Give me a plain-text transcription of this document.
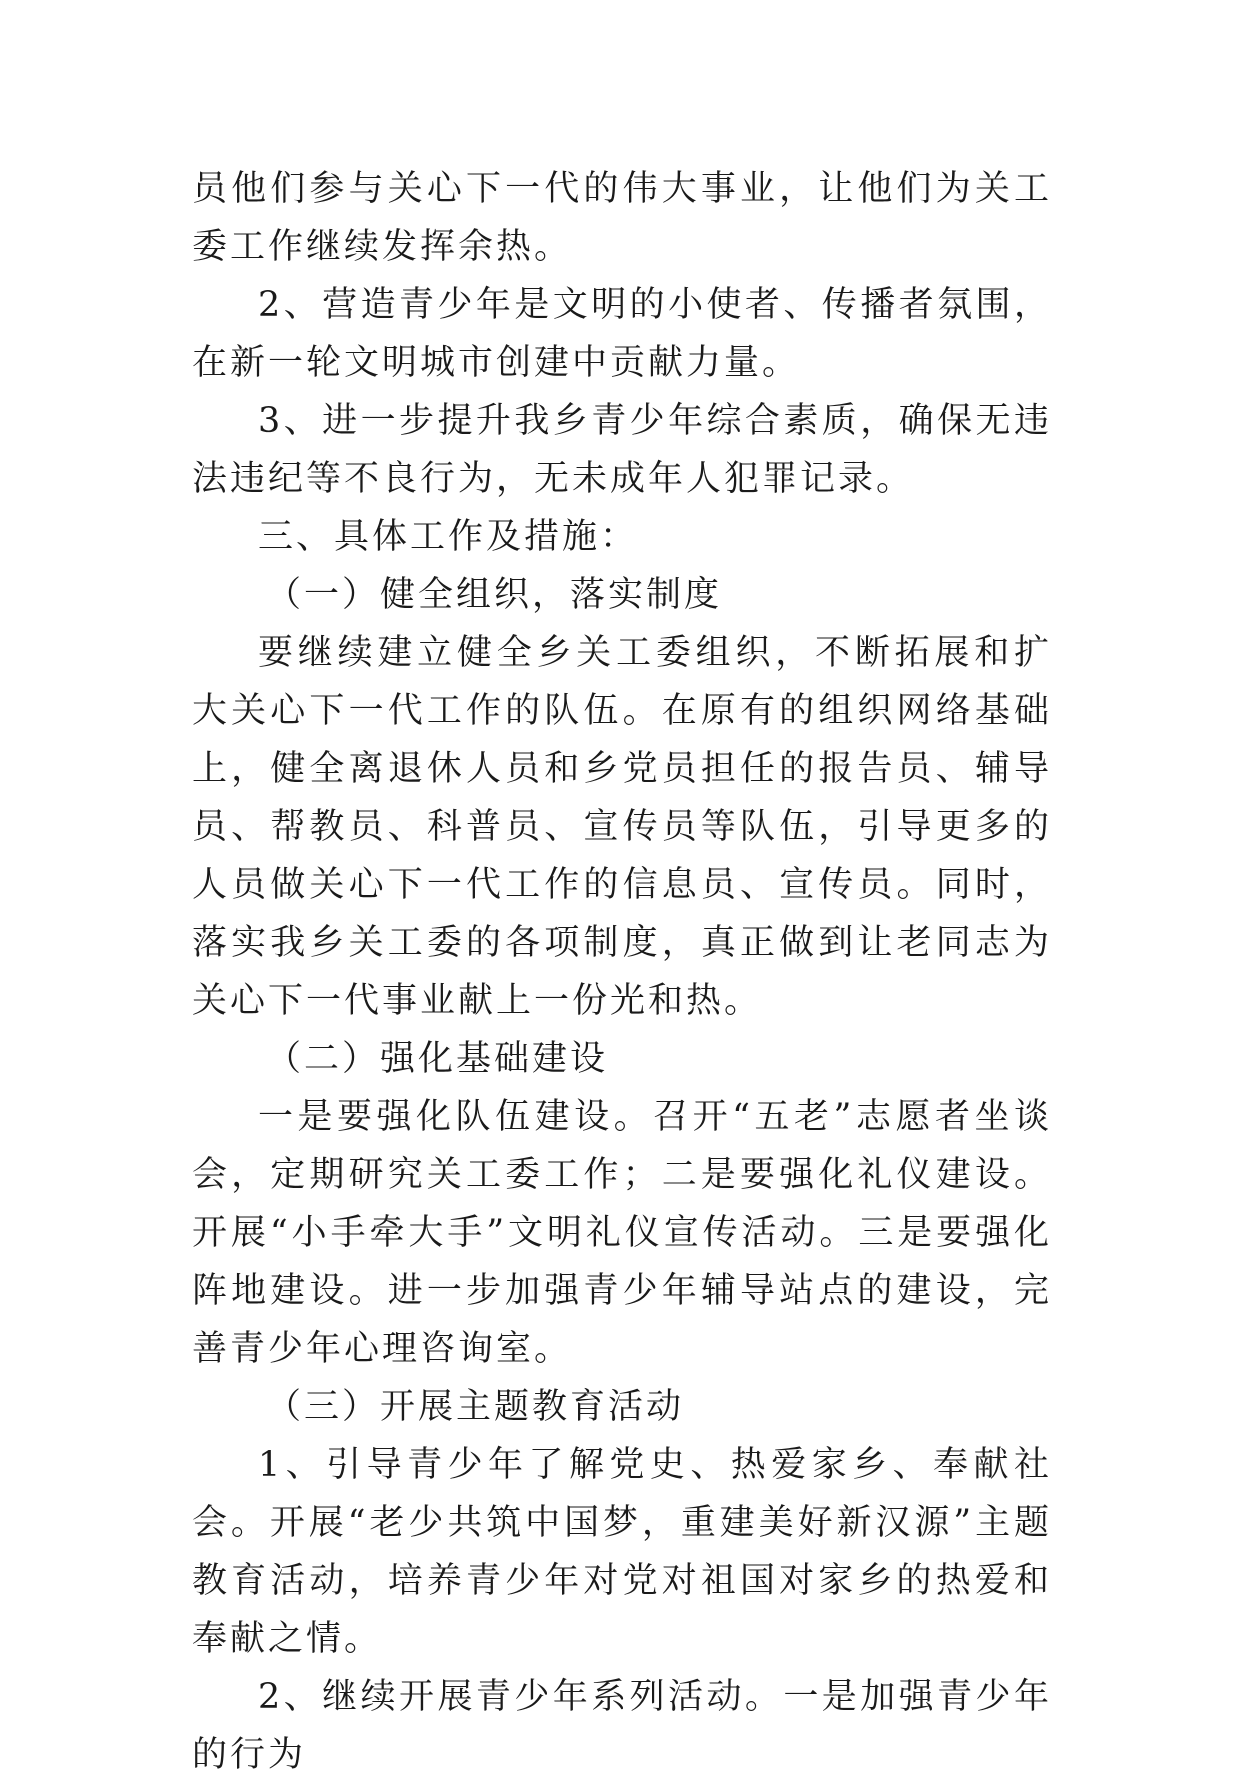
员他们参与关心下一代的伟大事业，让他们为关工委工作继续发挥余热。

2、营造青少年是文明的小使者、传播者氛围，在新一轮文明城市创建中贡献力量。

3、进一步提升我乡青少年综合素质，确保无违法违纪等不良行为，无未成年人犯罪记录。

三、具体工作及措施：

（一）健全组织，落实制度

要继续建立健全乡关工委组织，不断拓展和扩大关心下一代工作的队伍。在原有的组织网络基础上，健全离退休人员和乡党员担任的报告员、辅导员、帮教员、科普员、宣传员等队伍，引导更多的人员做关心下一代工作的信息员、宣传员。同时，落实我乡关工委的各项制度，真正做到让老同志为关心下一代事业献上一份光和热。

（二）强化基础建设

一是要强化队伍建设。召开“五老”志愿者坐谈会，定期研究关工委工作；二是要强化礼仪建设。开展“小手牵大手”文明礼仪宣传活动。三是要强化阵地建设。进一步加强青少年辅导站点的建设，完善青少年心理咨询室。

（三）开展主题教育活动

1、引导青少年了解党史、热爱家乡、奉献社会。开展“老少共筑中国梦，重建美好新汉源”主题教育活动，培养青少年对党对祖国对家乡的热爱和奉献之情。

2、继续开展青少年系列活动。一是加强青少年的行为
